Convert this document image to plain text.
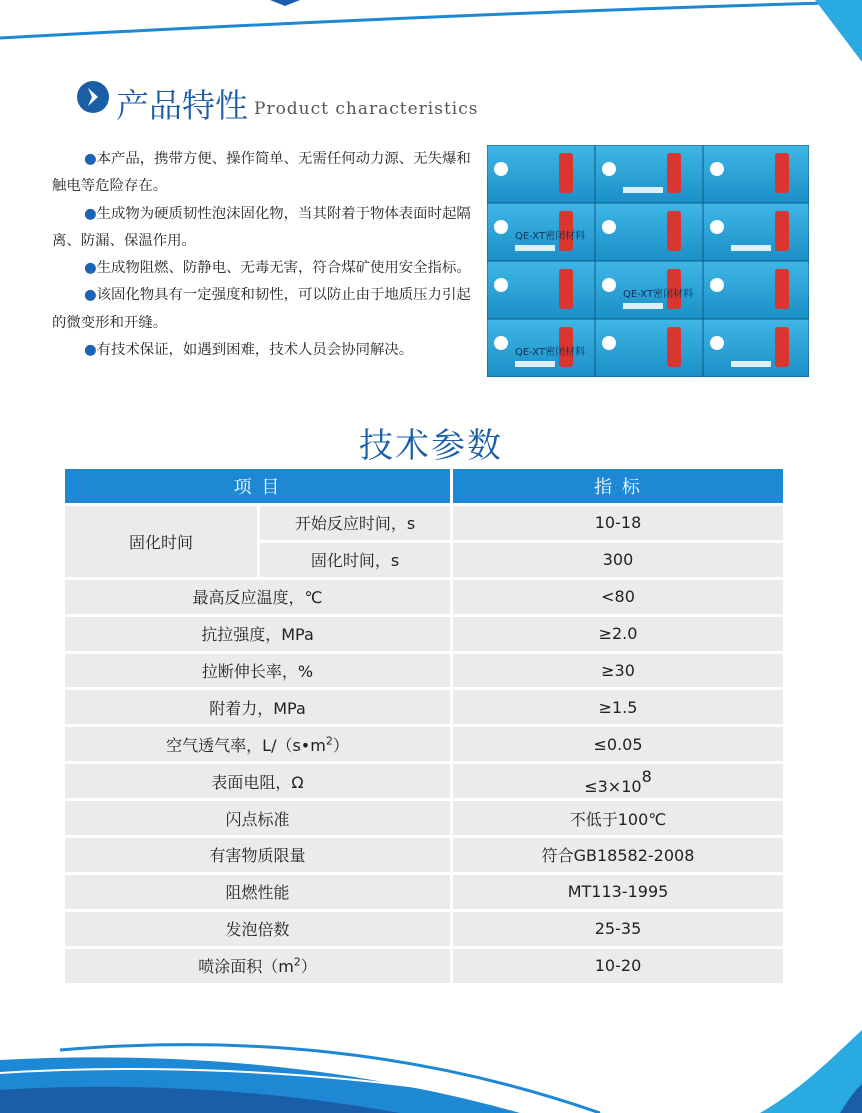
产品特性 Product characteristics

●本产品，携带方便、操作简单、无需任何动力源、无失爆和触电等危险存在。

●生成物为硬质韧性泡沫固化物，当其附着于物体表面时起隔离、防漏、保温作用。

●生成物阻燃、防静电、无毒无害，符合煤矿使用安全指标。

●该固化物具有一定强度和韧性，可以防止由于地质压力引起的微变形和开缝。

●有技术保证，如遇到困难，技术人员会协同解决。

QE-XT密闭材料
QE-XT密闭材料
QE-XT密闭材料
技术参数
项 目		指 标
固化时间	开始反应时间，s	10-18
	固化时间，s	300
最高反应温度，℃		<80
抗拉强度，MPa		≥2.0
拉断伸长率，%		≥30
附着力，MPa		≥1.5
空气透气率，$L/(s•m^2)$		≤0.05
表面电阻，Ω		$\le 3\times 10^8$
闪点标准		不低于100℃
有害物质限量		符合GB18582-2008
阻燃性能		MT113-1995
发泡倍数		25-35
喷涂面积$(m^2)$		10-20
